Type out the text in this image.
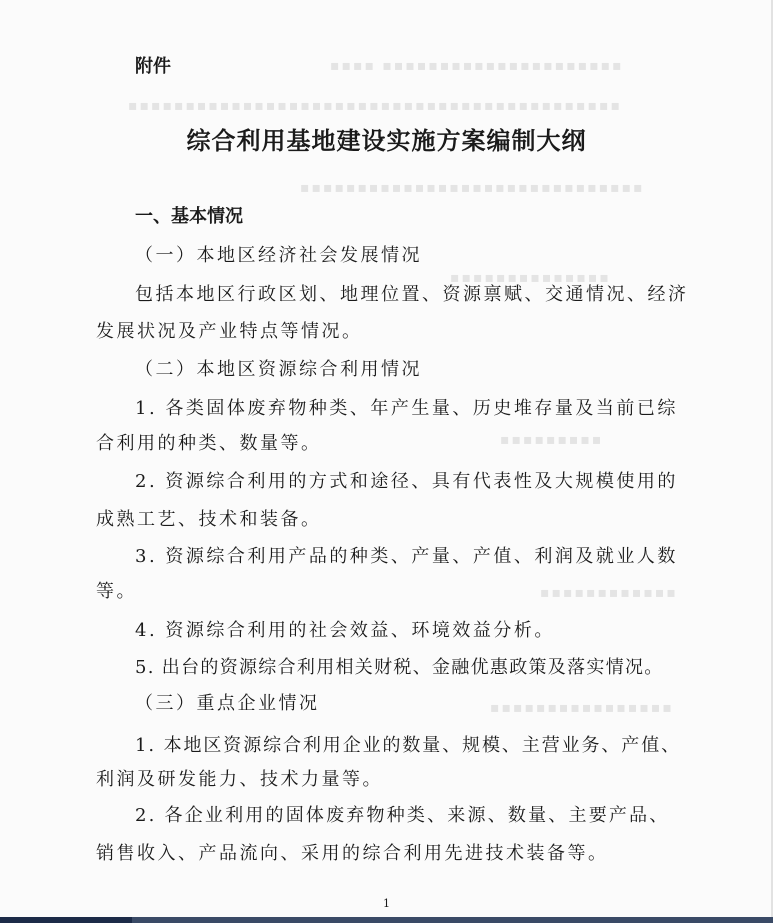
▪▪▪▪ ▪▪▪▪▪▪▪▪▪▪▪▪▪▪▪▪▪▪▪▪▪
▪▪▪▪▪▪▪▪▪▪▪▪▪▪▪▪▪▪▪▪▪▪▪▪▪▪▪▪▪▪▪▪▪▪▪▪▪▪▪▪▪▪▪
▪▪▪▪▪▪▪▪▪▪▪▪▪▪▪▪▪▪▪▪▪▪▪▪▪▪▪▪▪▪
▪▪▪▪▪▪▪▪▪▪▪▪▪▪
▪▪▪▪▪▪▪▪▪
▪▪▪▪▪▪▪▪▪▪▪▪
▪▪▪▪▪▪▪▪▪▪▪▪▪▪▪▪
附件
综合利用基地建设实施方案编制大纲
一、基本情况
（一）本地区经济社会发展情况
包括本地区行政区划、地理位置、资源禀赋、交通情况、经济
发展状况及产业特点等情况。
（二）本地区资源综合利用情况
1. 各类固体废弃物种类、年产生量、历史堆存量及当前已综
合利用的种类、数量等。
2. 资源综合利用的方式和途径、具有代表性及大规模使用的
成熟工艺、技术和装备。
3. 资源综合利用产品的种类、产量、产值、利润及就业人数
等。
4. 资源综合利用的社会效益、环境效益分析。
5. 出台的资源综合利用相关财税、金融优惠政策及落实情况。
（三）重点企业情况
1. 本地区资源综合利用企业的数量、规模、主营业务、产值、
利润及研发能力、技术力量等。
2. 各企业利用的固体废弃物种类、来源、数量、主要产品、
销售收入、产品流向、采用的综合利用先进技术装备等。
1
